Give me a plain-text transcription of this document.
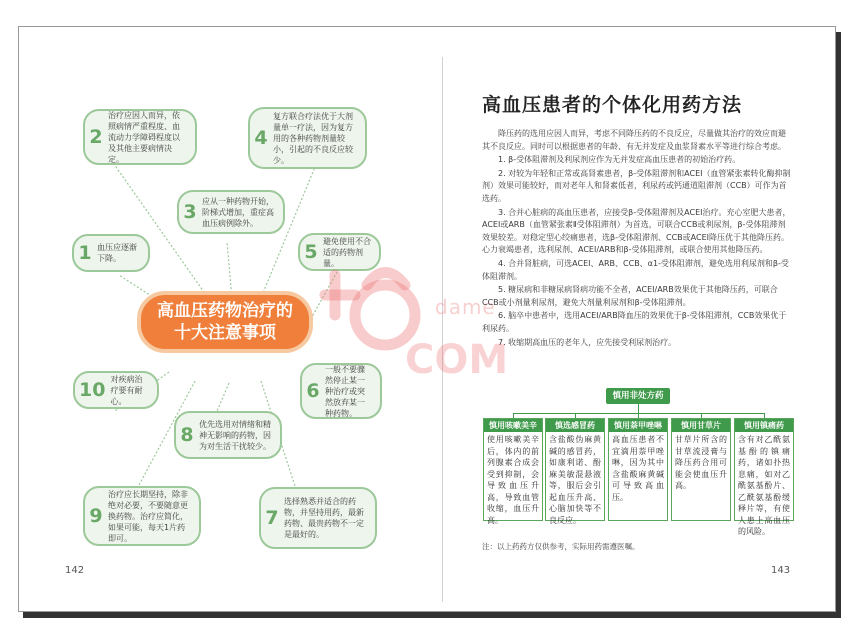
2
治疗应因人而异，依照病情严重程度、血流动力学障碍程度以及其他主要病情决定。
4
复方联合疗法优于大剂量单一疗法，因为复方用的各种药物剂量较小，引起的不良反应较少。
3 应从一种药物开始，阶梯式增加，重症高血压病例除外。
1 血压应逐渐下降。	5 避免使用不合适的药物剂量。
6
一般不要骤然停止某一种治疗或突然放弃某一种药物。
10 对疾病治疗要有耐心。
8 优先选用对情绪和精神无影响的药物，因为对生活干扰较少。
9
治疗应长期坚持，除非绝对必要，不要随意更换药物。治疗应简化，如果可能，每天1片药即可。
7
选择熟悉并适合的药物，并坚持用药，最新药物、最贵药物不一定是最好的。
高血压药物治疗的
十大注意事项
dame
COM
142	143
高血压患者的个体化用药方法

降压药的选用应因人而异，考虑不同降压药的不良反应，尽量做其治疗的效应而避其不良反应。同时可以根据患者的年龄、有无并发症及血浆肾素水平等进行综合考虑。

1. β-受体阻滞剂及利尿剂应作为无并发症高血压患者的初始治疗药。

2. 对较为年轻和正常或高肾素患者，β-受体阻滞剂和ACEI（血管紧张素转化酶抑制剂）效果可能较好，而对老年人和肾素低者，利尿药或钙通道阻滞剂（CCB）可作为首选药。

3. 合并心脏病的高血压患者，应接受β-受体阻滞剂及ACEI治疗。充心室肥大患者，ACEI或ARB（血管紧张素Ⅱ受体阻滞剂）为首选，可联合CCB或利尿剂，β-受体阻滞剂效果较差。对稳定型心绞痛患者，选β-受体阻滞剂、CCB或ACEI降压优于其他降压药。心力衰竭患者，选利尿剂、ACEI/ARB和β-受体阻滞剂，或联合使用其他降压药。

4. 合并肾脏病，可选ACEI、ARB、CCB、α1-受体阻滞剂，避免选用利尿剂和β-受体阻滞剂。

5. 糖尿病和非糖尿病肾病功能不全者，ACEI/ARB效果优于其他降压药，可联合CCB或小剂量利尿剂，避免大剂量利尿剂和β-受体阻滞剂。

6. 脑卒中患者中，选用ACEI/ARB降血压的效果优于β-受体阻滞剂，CCB效果优于利尿药。

7. 收缩期高血压的老年人，应先接受利尿剂治疗。

慎用非处方药
慎用咳嗽美辛
使用咳嗽美辛后，体内的前列腺素合成会受到抑制，会导致血压升高，导致血管收缩，血压升高。
慎选感冒药
含盐酸伪麻黄碱的感冒药，如康利诺、酚麻美敏混悬液等，服后会引起血压升高、心脑加快等不良反应。
慎用萘甲唑啉
高血压患者不宜滴用萘甲唑啉，因为其中含盐酸麻黄碱可导致高血压。
慎用甘草片
甘草片所含的甘草流浸膏与降压药合用可能会使血压升高。
慎用镇痛药
含有对乙酰氨基酚的镇痛药，诸如扑热息痛，如对乙酰氨基酚片、乙酰氨基酚缓释片等，有使人患上高血压的风险。
注：以上药药方仅供参考，实际用药需遵医嘱。
